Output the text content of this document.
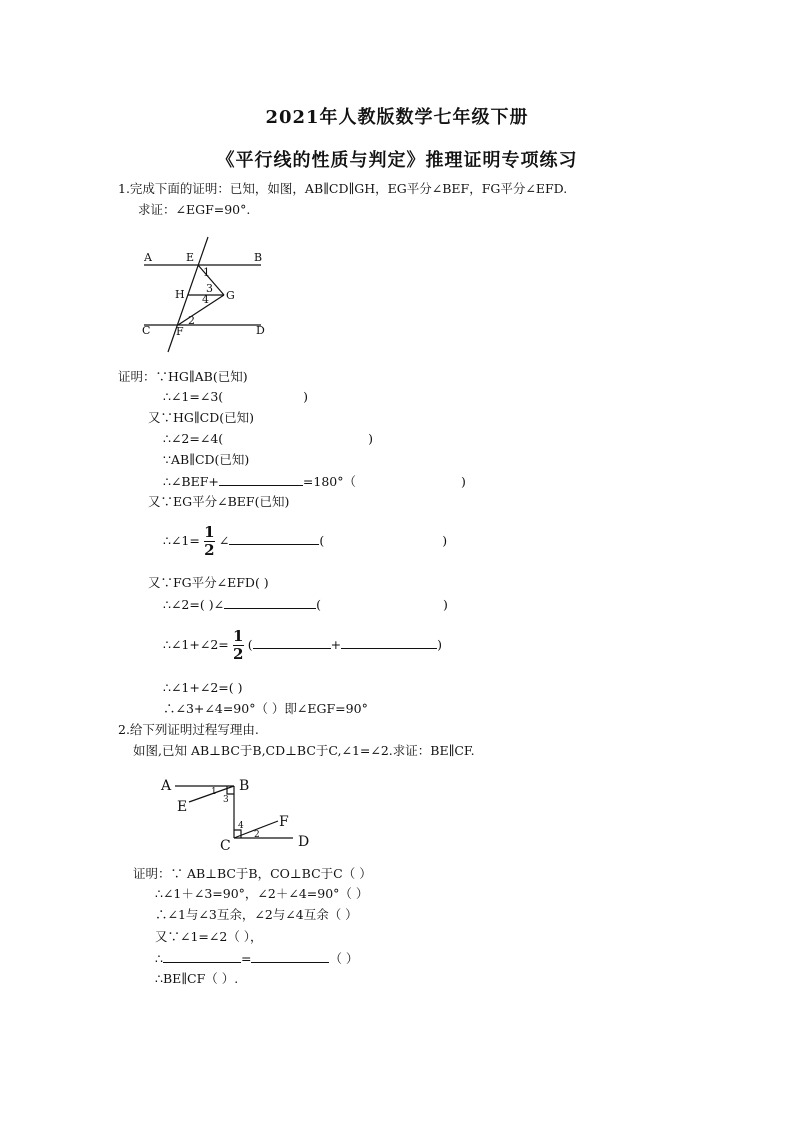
2021年人教版数学七年级下册
《平行线的性质与判定》推理证明专项练习
1.完成下面的证明：已知，如图，AB∥CD∥GH，EG平分∠BEF，FG平分∠EFD.
求证：∠EGF=90°.
A	E	B
1
3
H 4 G
2
C F	D
证明：∵HG∥AB(已知)
∴∠1=∠3(	)
又∵HG∥CD(已知)
∴∠2=∠4(	)
∵AB∥CD(已知)
∴∠BEF+	=180°（	)
又∵EG平分∠BEF(已知)
∴∠1= $\frac{1}{2}$ ∠	(	)
又∵FG平分∠EFD( )
∴∠2=( )∠	(	)
∴∠1+∠2= $\frac{1}{2}$ (	+	)
∴∠1+∠2=( )
∴∠3+∠4=90°（ ）即∠EGF=90°
2.给下列证明过程写理由.
如图,已知 AB⊥BC于B,CD⊥BC于C,∠1=∠2.求证：BE∥CF.
A	B
E
1
3
F
4
2
C	D
证明：∵ AB⊥BC于B，CO⊥BC于C（ ）
∴∠1＋∠3=90°，∠2＋∠4=90°（ ）
∴∠1与∠3互余，∠2与∠4互余（ ）
又∵∠1=∠2（ ），
∴	=	（ ）
∴BE∥CF（ ）.
